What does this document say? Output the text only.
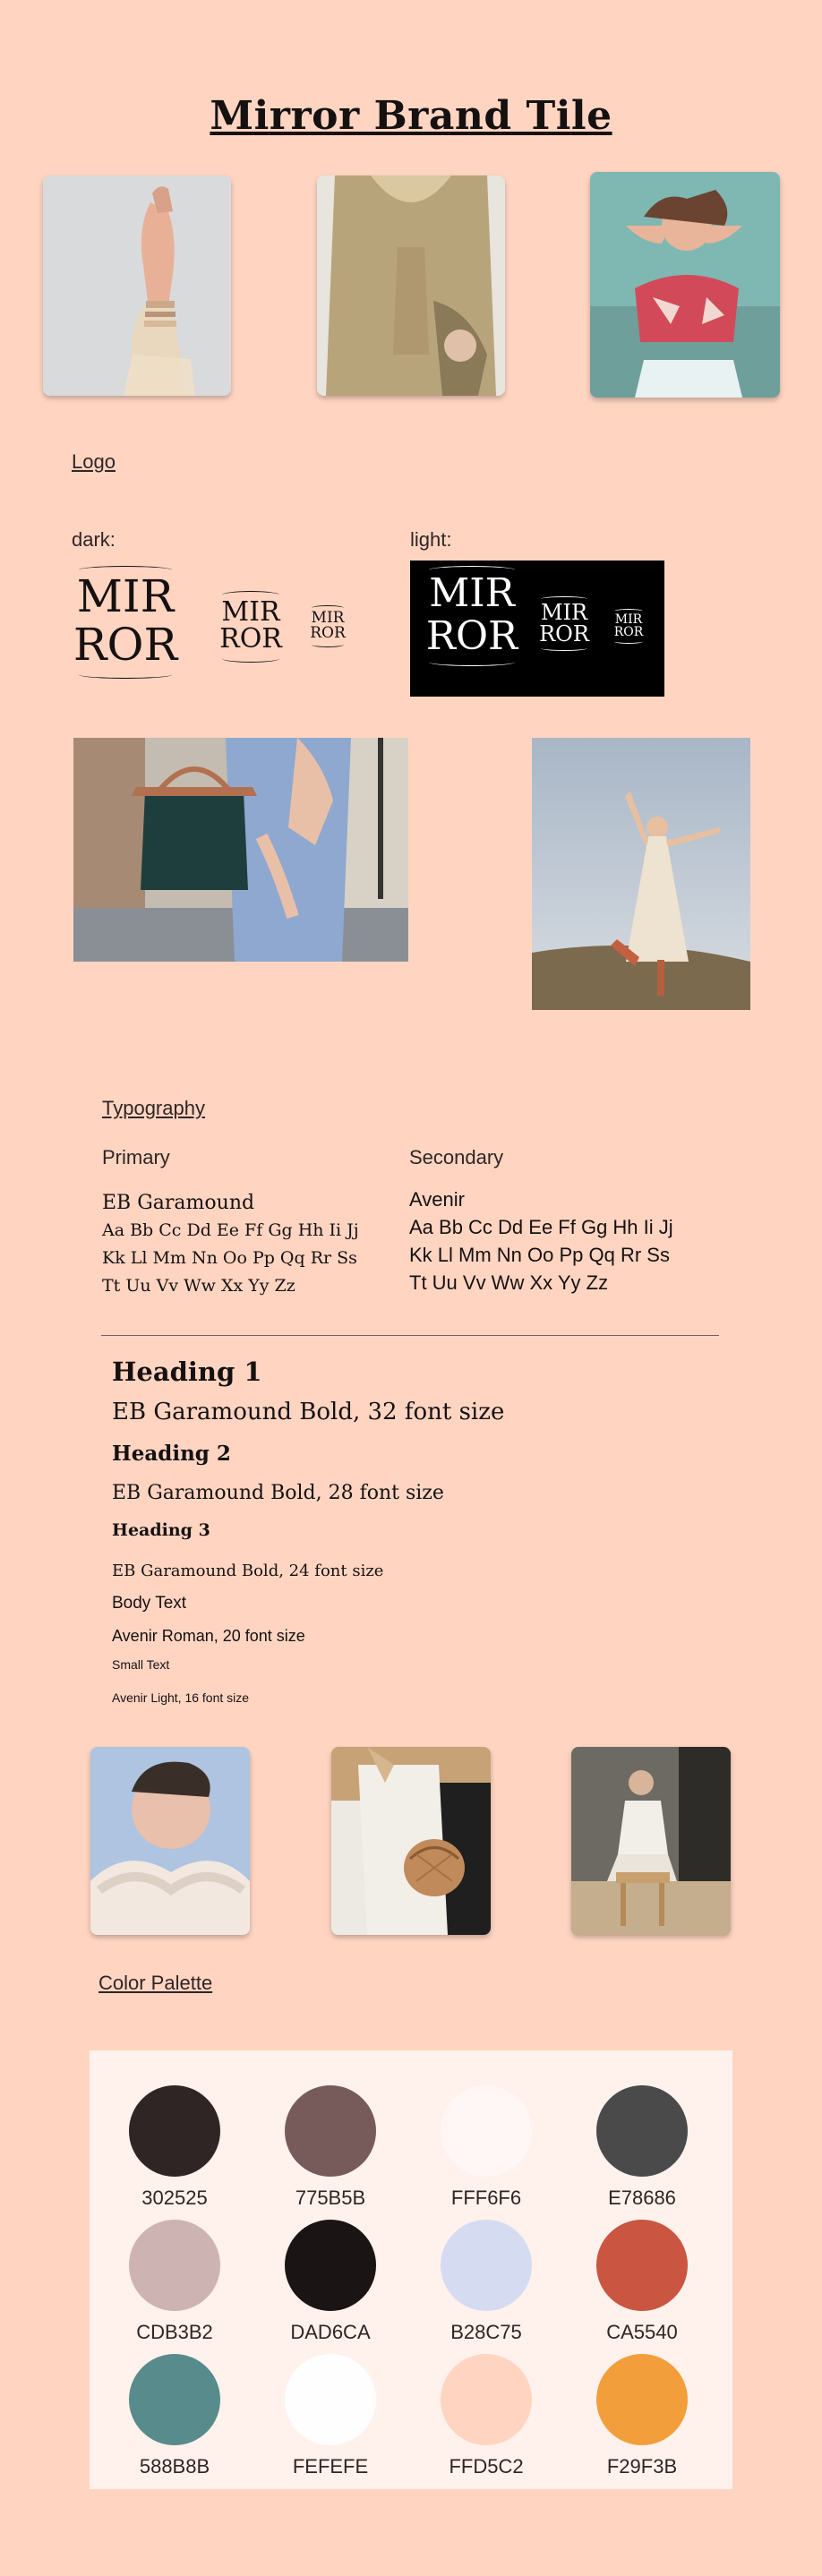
Mirror Brand Tile
Logo
dark:	light:
MIR
ROR
MIR
ROR
MIR
ROR
MIR
ROR
MIR
ROR
MIR
ROR
Typography
Primary	Secondary
EB Garamound
Aa Bb Cc Dd Ee Ff Gg Hh Ii Jj
Kk Ll Mm Nn Oo Pp Qq Rr Ss
Tt Uu Vv Ww Xx Yy Zz
Avenir
Aa Bb Cc Dd Ee Ff Gg Hh Ii Jj
Kk Ll Mm Nn Oo Pp Qq Rr Ss
Tt Uu Vv Ww Xx Yy Zz
Heading 1
EB Garamound Bold, 32 font size
Heading 2
EB Garamound Bold, 28 font size
Heading 3
EB Garamound Bold, 24 font size
Body Text
Avenir Roman, 20 font size
Small Text
Avenir Light, 16 font size
Color Palette
302525	775B5B	FFF6F6	E78686
CDB3B2	DAD6CA	B28C75	CA5540
588B8B	FEFEFE	FFD5C2	F29F3B
